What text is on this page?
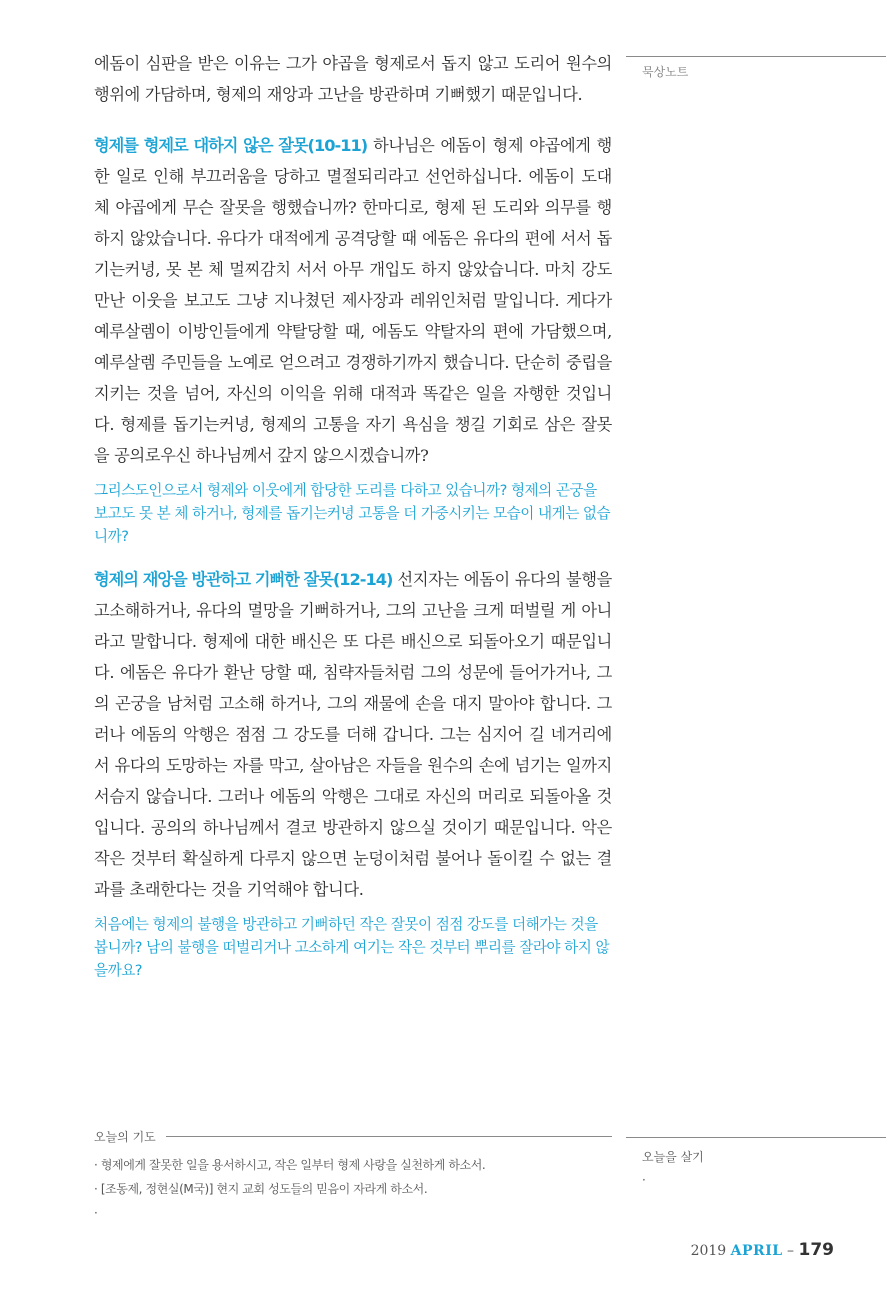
묵상노트

에돔이 심판을 받은 이유는 그가 야곱을 형제로서 돕지 않고 도리어 원수의 행위에 가담하며, 형제의 재앙과 고난을 방관하며 기뻐했기 때문입니다.

형제를 형제로 대하지 않은 잘못(10-11) 하나님은 에돔이 형제 야곱에게 행한 일로 인해 부끄러움을 당하고 멸절되리라고 선언하십니다. 에돔이 도대체 야곱에게 무슨 잘못을 행했습니까? 한마디로, 형제 된 도리와 의무를 행하지 않았습니다. 유다가 대적에게 공격당할 때 에돔은 유다의 편에 서서 돕기는커녕, 못 본 체 멀찌감치 서서 아무 개입도 하지 않았습니다. 마치 강도만난 이웃을 보고도 그냥 지나쳤던 제사장과 레위인처럼 말입니다. 게다가 예루살렘이 이방인들에게 약탈당할 때, 에돔도 약탈자의 편에 가담했으며, 예루살렘 주민들을 노예로 얻으려고 경쟁하기까지 했습니다. 단순히 중립을 지키는 것을 넘어, 자신의 이익을 위해 대적과 똑같은 일을 자행한 것입니다. 형제를 돕기는커녕, 형제의 고통을 자기 욕심을 챙길 기회로 삼은 잘못을 공의로우신 하나님께서 갚지 않으시겠습니까?

그리스도인으로서 형제와 이웃에게 합당한 도리를 다하고 있습니까? 형제의 곤궁을 보고도 못 본 체 하거나, 형제를 돕기는커녕 고통을 더 가중시키는 모습이 내게는 없습니까?

형제의 재앙을 방관하고 기뻐한 잘못(12-14) 선지자는 에돔이 유다의 불행을 고소해하거나, 유다의 멸망을 기뻐하거나, 그의 고난을 크게 떠벌릴 게 아니라고 말합니다. 형제에 대한 배신은 또 다른 배신으로 되돌아오기 때문입니다. 에돔은 유다가 환난 당할 때, 침략자들처럼 그의 성문에 들어가거나, 그의 곤궁을 남처럼 고소해 하거나, 그의 재물에 손을 대지 말아야 합니다. 그러나 에돔의 악행은 점점 그 강도를 더해 갑니다. 그는 심지어 길 네거리에서 유다의 도망하는 자를 막고, 살아남은 자들을 원수의 손에 넘기는 일까지 서슴지 않습니다. 그러나 에돔의 악행은 그대로 자신의 머리로 되돌아올 것입니다. 공의의 하나님께서 결코 방관하지 않으실 것이기 때문입니다. 악은 작은 것부터 확실하게 다루지 않으면 눈덩이처럼 불어나 돌이킬 수 없는 결과를 초래한다는 것을 기억해야 합니다.

처음에는 형제의 불행을 방관하고 기뻐하던 작은 잘못이 점점 강도를 더해가는 것을 봅니까? 남의 불행을 떠벌리거나 고소하게 여기는 작은 것부터 뿌리를 잘라야 하지 않을까요?

오늘의 기도
· 형제에게 잘못한 일을 용서하시고, 작은 일부터 형제 사랑을 실천하게 하소서.
· [조동제, 정현실(M국)] 현지 교회 성도들의 믿음이 자라게 하소서.
·
오늘을 살기
·
2019 APRIL – 179
